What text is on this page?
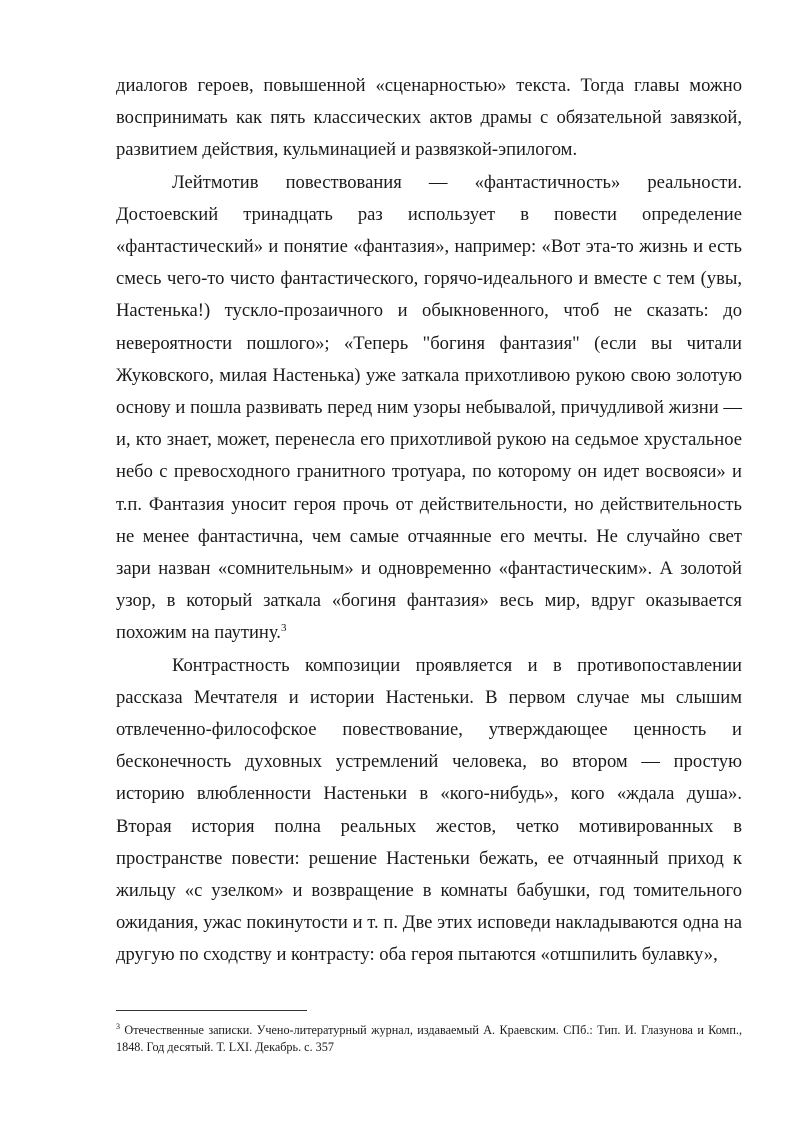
диалогов героев, повышенной «сценарностью» текста. Тогда главы можно воспринимать как пять классических актов драмы с обязательной завязкой, развитием действия, кульминацией и развязкой-эпилогом.

Лейтмотив повествования — «фантастичность» реальности. Достоевский тринадцать раз использует в повести определение «фантастический» и понятие «фантазия», например: «Вот эта-то жизнь и есть смесь чего-то чисто фантастического, горячо-идеального и вместе с тем (увы, Настенька!) тускло-прозаичного и обыкновенного, чтоб не сказать: до невероятности пошлого»; «Теперь "богиня фантазия" (если вы читали Жуковского, милая Настенька) уже заткала прихотливою рукою свою золотую основу и пошла развивать перед ним узоры небывалой, причудливой жизни — и, кто знает, может, перенесла его прихотливой рукою на седьмое хрустальное небо с превосходного гранитного тротуара, по которому он идет восвояси» и т.п. Фантазия уносит героя прочь от действительности, но действительность не менее фантастична, чем самые отчаянные его мечты. Не случайно свет зари назван «сомнительным» и одновременно «фантастическим». А золотой узор, в который заткала «богиня фантазия» весь мир, вдруг оказывается похожим на паутину.$^3$

Контрастность композиции проявляется и в противопоставлении рассказа Мечтателя и истории Настеньки. В первом случае мы слышим отвлеченно-философское повествование, утверждающее ценность и бесконечность духовных устремлений человека, во втором — простую историю влюбленности Настеньки в «кого-нибудь», кого «ждала душа». Вторая история полна реальных жестов, четко мотивированных в пространстве повести: решение Настеньки бежать, ее отчаянный приход к жильцу «с узелком» и возвращение в комнаты бабушки, год томительного ожидания, ужас покинутости и т. п. Две этих исповеди накладываются одна на другую по сходству и контрасту: оба героя пытаются «отшпилить булавку»,

$^3$ Отечественные записки. Учено-литературный журнал, издаваемый А. Краевским. СПб.: Тип. И. Глазунова и Комп., 1848. Год десятый. Т. LXI. Декабрь. с. 357
